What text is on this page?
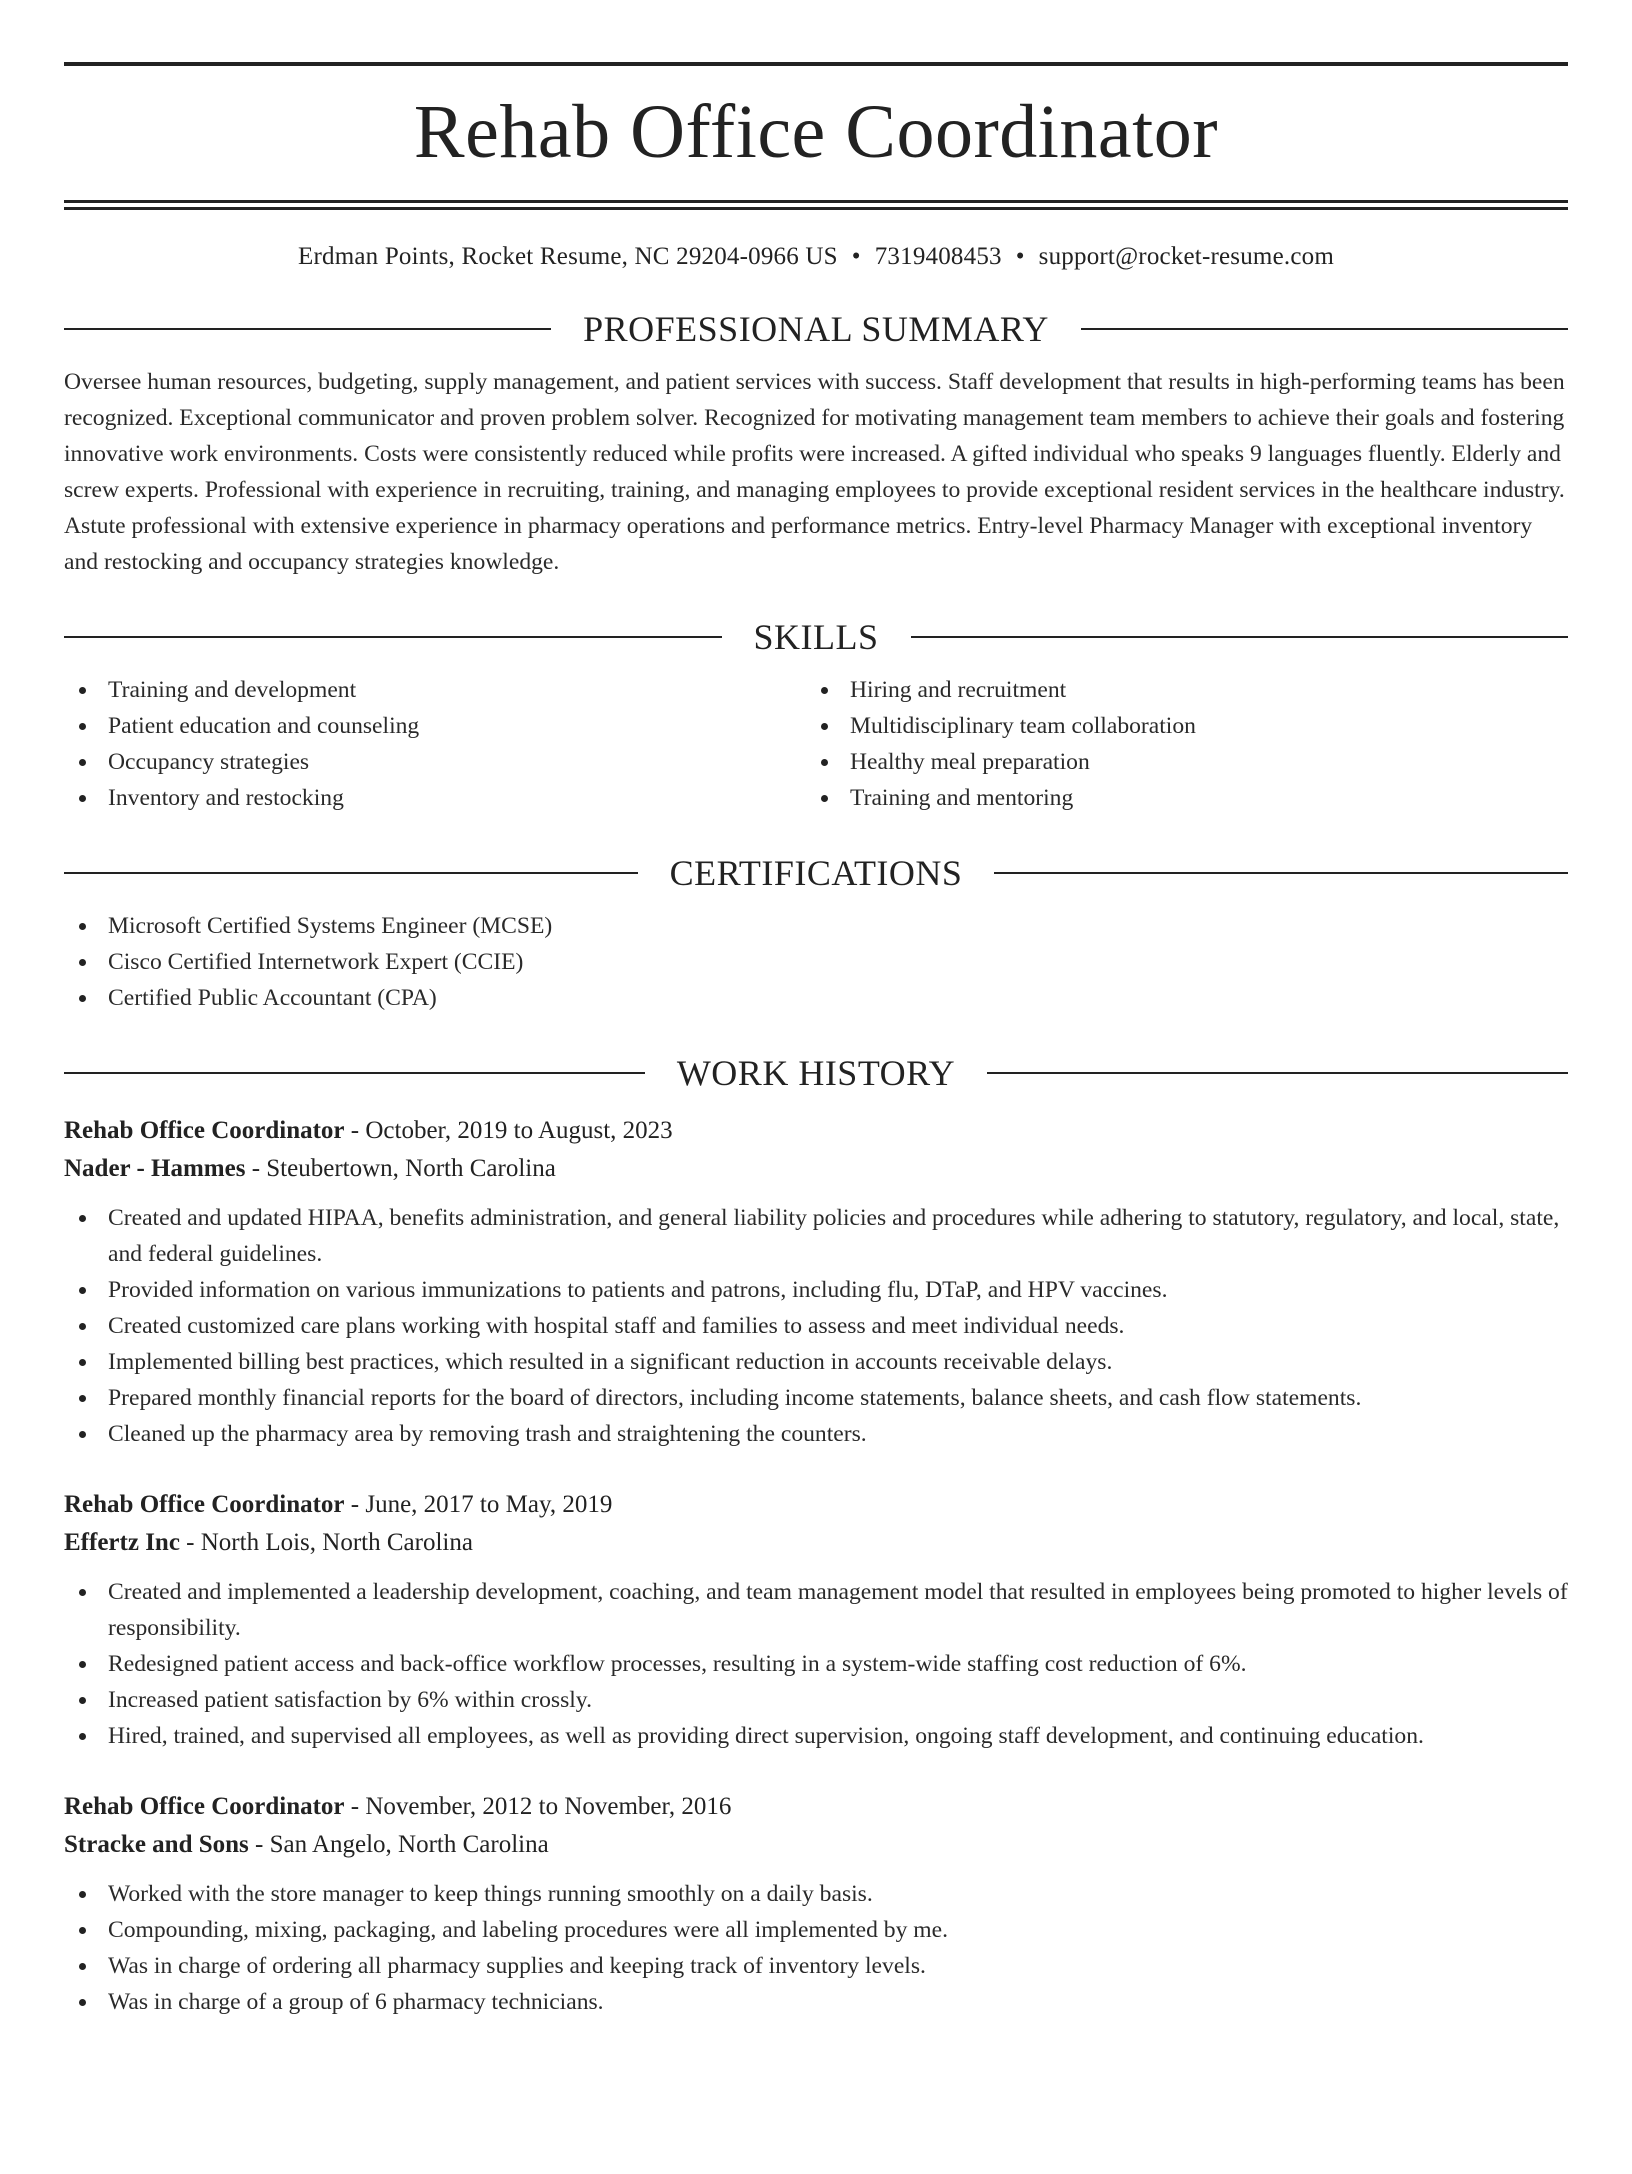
Rehab Office Coordinator
Erdman Points, Rocket Resume, NC 29204-0966 US • 7319408453 • support@rocket-resume.com
PROFESSIONAL SUMMARY
Oversee human resources, budgeting, supply management, and patient services with success. Staff development that results in high-performing teams has been recognized. Exceptional communicator and proven problem solver. Recognized for motivating management team members to achieve their goals and fostering innovative work environments. Costs were consistently reduced while profits were increased. A gifted individual who speaks 9 languages fluently. Elderly and screw experts. Professional with experience in recruiting, training, and managing employees to provide exceptional resident services in the healthcare industry. Astute professional with extensive experience in pharmacy operations and performance metrics. Entry-level Pharmacy Manager with exceptional inventory and restocking and occupancy strategies knowledge.
SKILLS
Training and development
Patient education and counseling
Occupancy strategies
Inventory and restocking
Hiring and recruitment
Multidisciplinary team collaboration
Healthy meal preparation
Training and mentoring
CERTIFICATIONS
Microsoft Certified Systems Engineer (MCSE)
Cisco Certified Internetwork Expert (CCIE)
Certified Public Accountant (CPA)
WORK HISTORY
Rehab Office Coordinator - October, 2019 to August, 2023
Nader - Hammes - Steubertown, North Carolina
Created and updated HIPAA, benefits administration, and general liability policies and procedures while adhering to statutory, regulatory, and local, state, and federal guidelines.
Provided information on various immunizations to patients and patrons, including flu, DTaP, and HPV vaccines.
Created customized care plans working with hospital staff and families to assess and meet individual needs.
Implemented billing best practices, which resulted in a significant reduction in accounts receivable delays.
Prepared monthly financial reports for the board of directors, including income statements, balance sheets, and cash flow statements.
Cleaned up the pharmacy area by removing trash and straightening the counters.
Rehab Office Coordinator - June, 2017 to May, 2019
Effertz Inc - North Lois, North Carolina
Created and implemented a leadership development, coaching, and team management model that resulted in employees being promoted to higher levels of responsibility.
Redesigned patient access and back-office workflow processes, resulting in a system-wide staffing cost reduction of 6%.
Increased patient satisfaction by 6% within crossly.
Hired, trained, and supervised all employees, as well as providing direct supervision, ongoing staff development, and continuing education.
Rehab Office Coordinator - November, 2012 to November, 2016
Stracke and Sons - San Angelo, North Carolina
Worked with the store manager to keep things running smoothly on a daily basis.
Compounding, mixing, packaging, and labeling procedures were all implemented by me.
Was in charge of ordering all pharmacy supplies and keeping track of inventory levels.
Was in charge of a group of 6 pharmacy technicians.
